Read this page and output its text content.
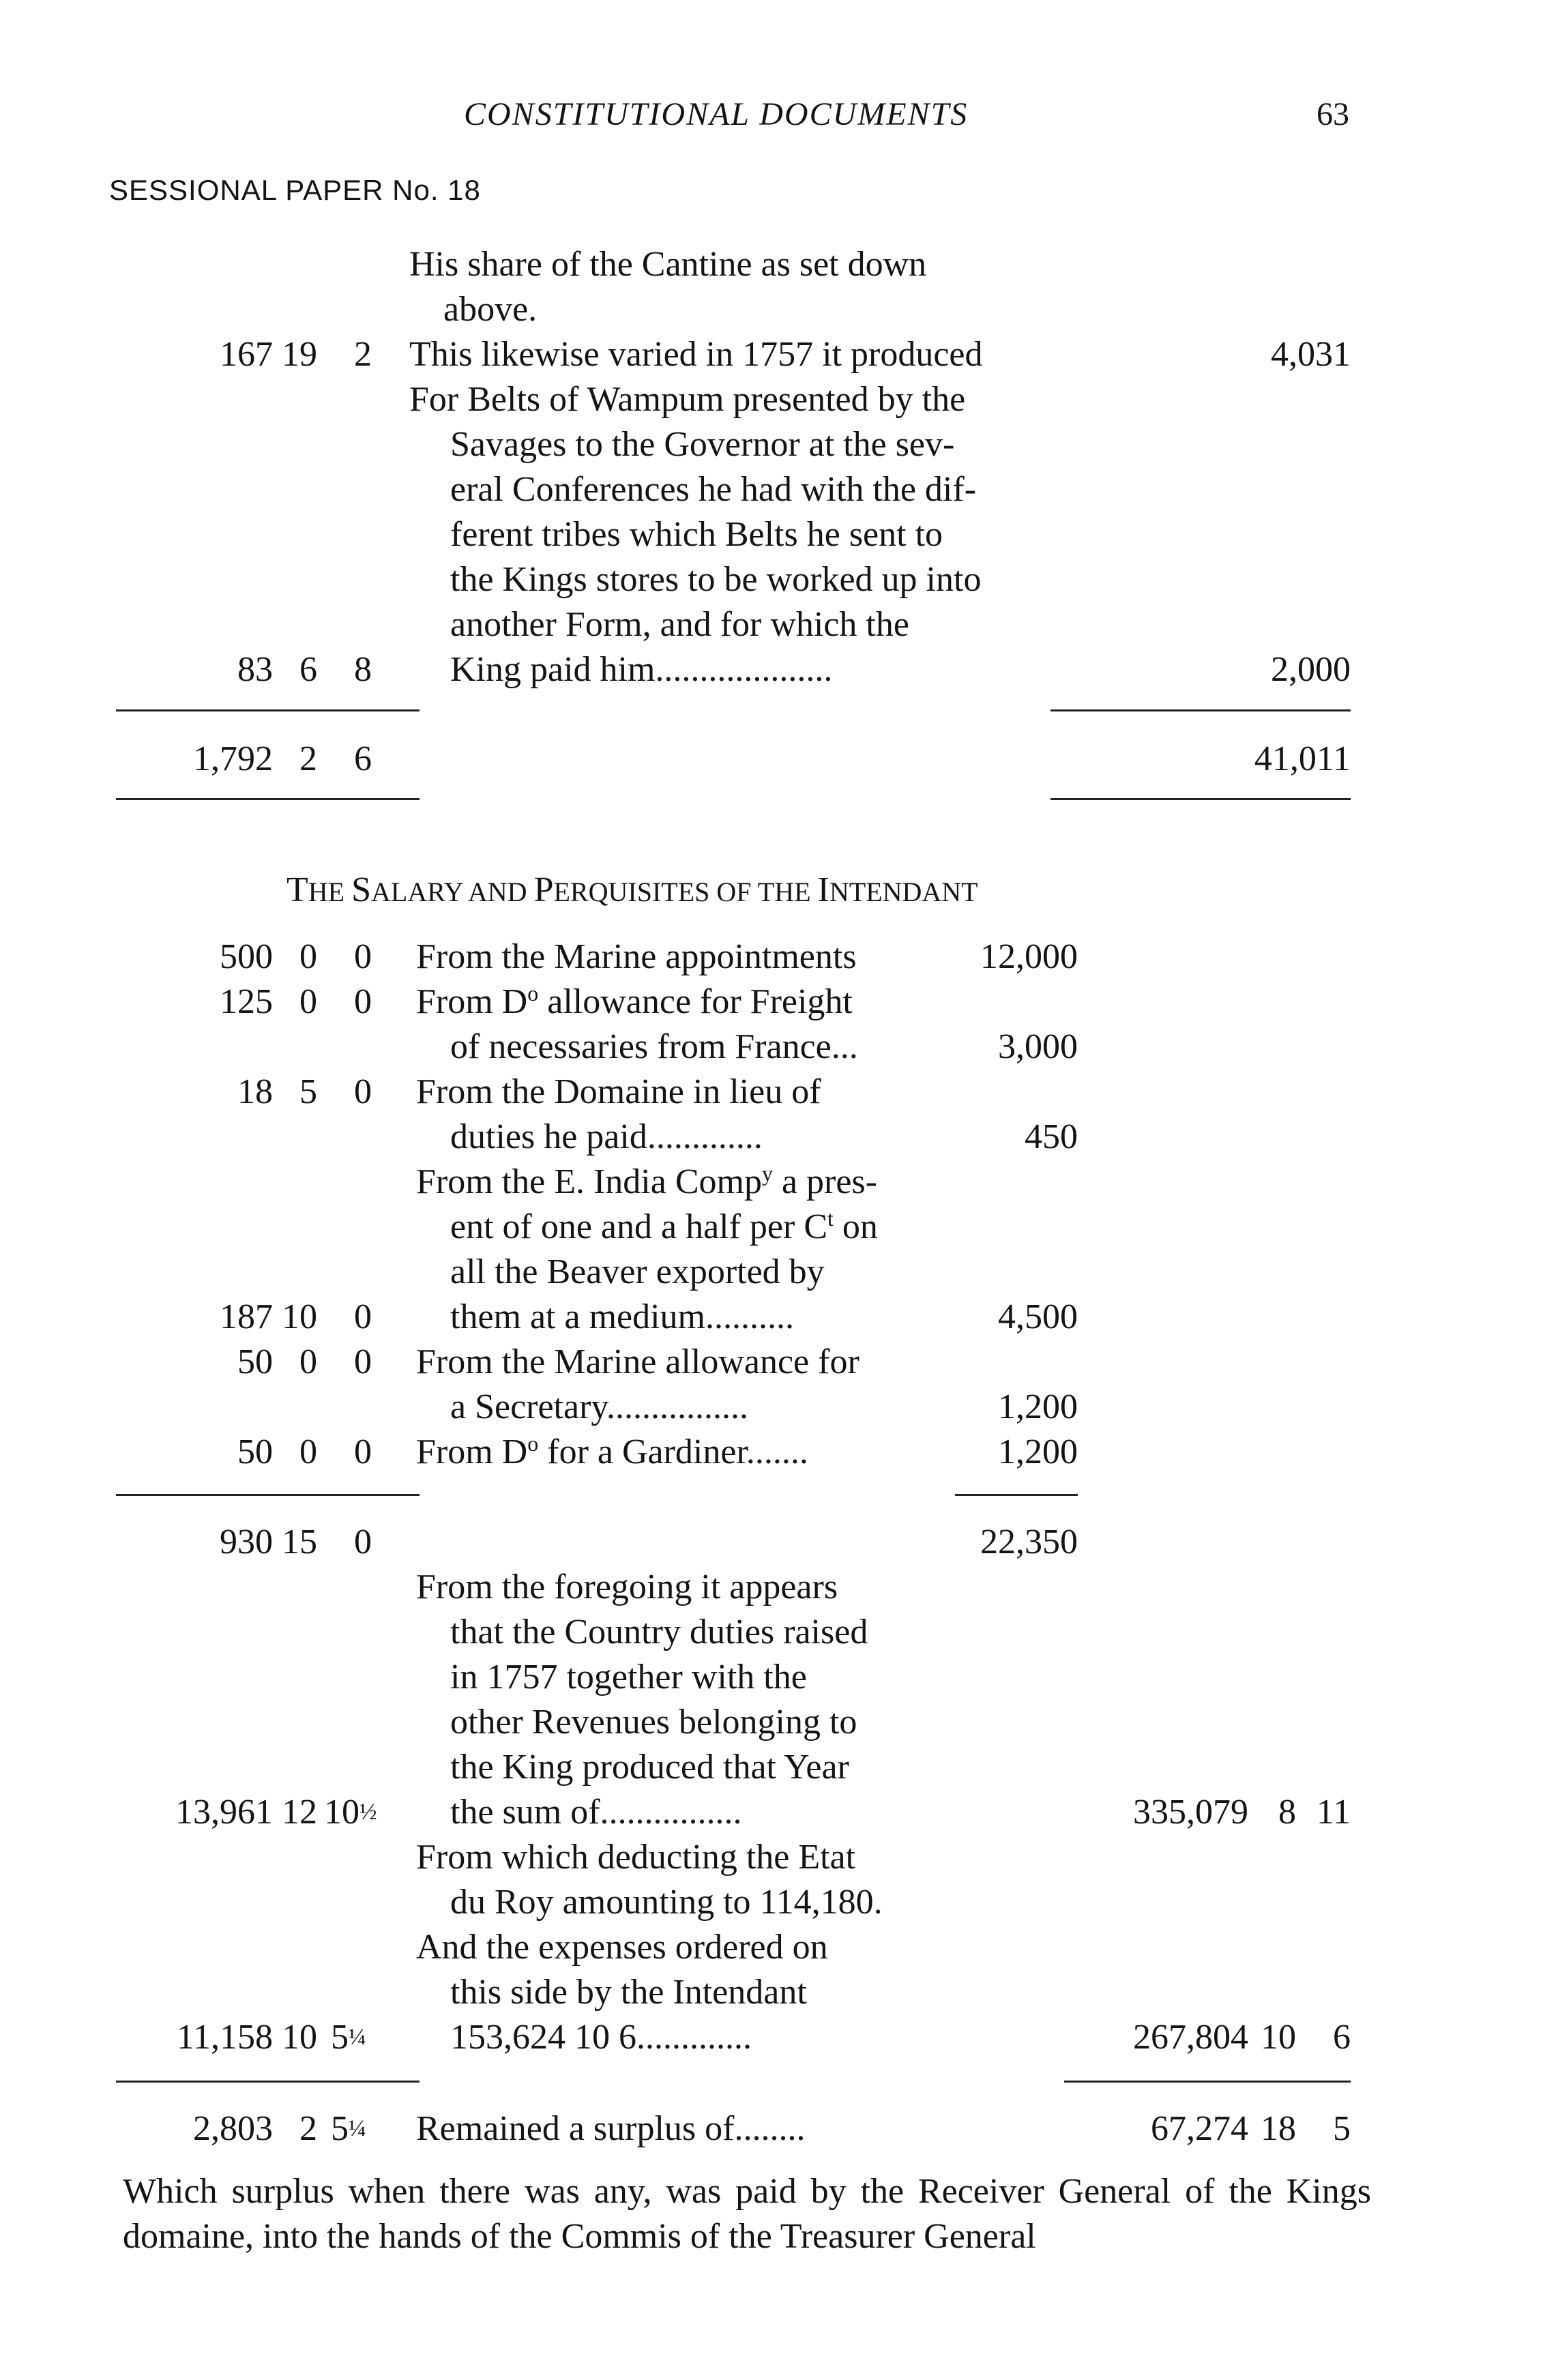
CONSTITUTIONAL DOCUMENTS	63
SESSIONAL PAPER No. 18
His share of the Cantine as set down
above.
167 19	2 This likewise varied in 1757 it produced	4,031
For Belts of Wampum presented by the
Savages to the Governor at the sev-
eral Conferences he had with the dif-
ferent tribes which Belts he sent to
the Kings stores to be worked up into
another Form, and for which the
83 6	8 King paid him....................	2,000
1,792 2	6	41,011
THE SALARY AND PERQUISITES OF THE INTENDANT
500 0	0 From the Marine appointments	12,000
125 0	0 From $D^o$ allowance for Freight
of necessaries from France...	3,000
18 5	0 From the Domaine in lieu of
duties he paid.............	450
From the E. India Comp$^y$ a pres-
ent of one and a half per $C^t$ on
all the Beaver exported by
187 10	0 them at a medium..........	4,500
50 0	0 From the Marine allowance for
a Secretary................	1,200
50 0	0 From $D^o$ for a Gardiner.......	1,200
930 15	0	22,350
From the foregoing it appears
that the Country duties raised
in 1757 together with the
other Revenues belonging to
the King produced that Year
13,961 12 10½ the sum of................	335,079 8 11
From which deducting the Etat
du Roy amounting to 114,180.
And the expenses ordered on
this side by the Intendant
11,158 10 5¼ 153,624 10 6.............	267,804 10	6
2,803 2 5¼ Remained a surplus of........	67,274 18	5
Which surplus when there was any, was paid by the Receiver General of the Kings domaine, into the hands of the Commis of the Treasurer General
